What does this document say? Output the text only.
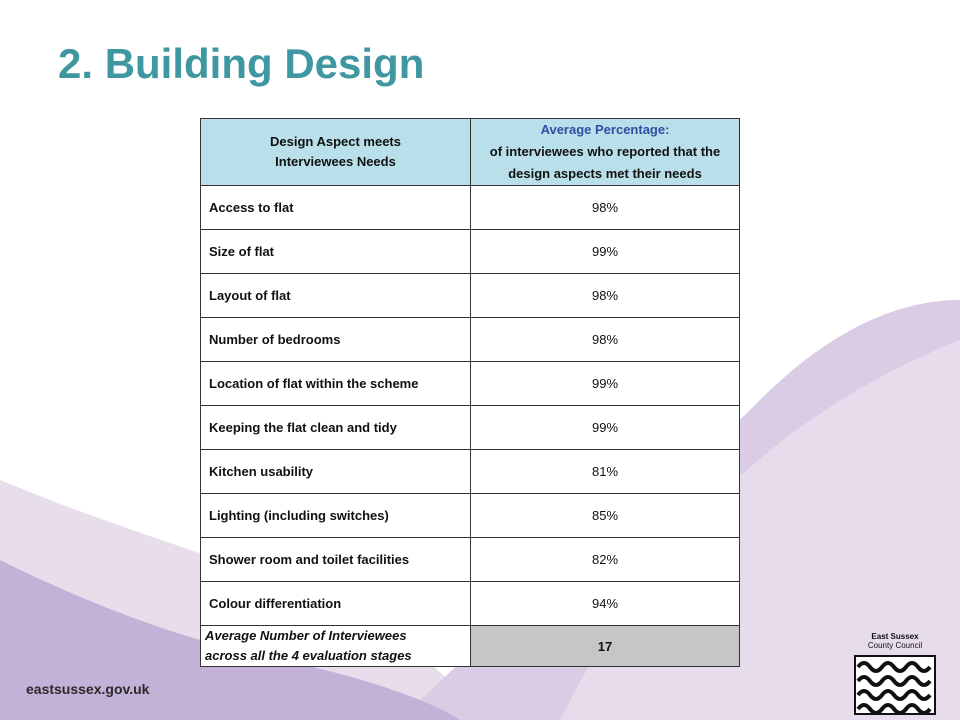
2. Building Design
Design Aspect meets
Interviewees Needs	Average Percentage:
of interviewees who reported that the
design aspects met their needs

Access to flat	98%
Size of flat	99%
Layout of flat	98%
Number of bedrooms	98%
Location of flat within the scheme	99%
Keeping the flat clean and tidy	99%
Kitchen usability	81%
Lighting (including switches)	85%
Shower room and toilet facilities	82%
Colour differentiation	94%
Average Number of Interviewees
across all the 4 evaluation stages	17
eastsussex.gov.uk
East Sussex
County Council
